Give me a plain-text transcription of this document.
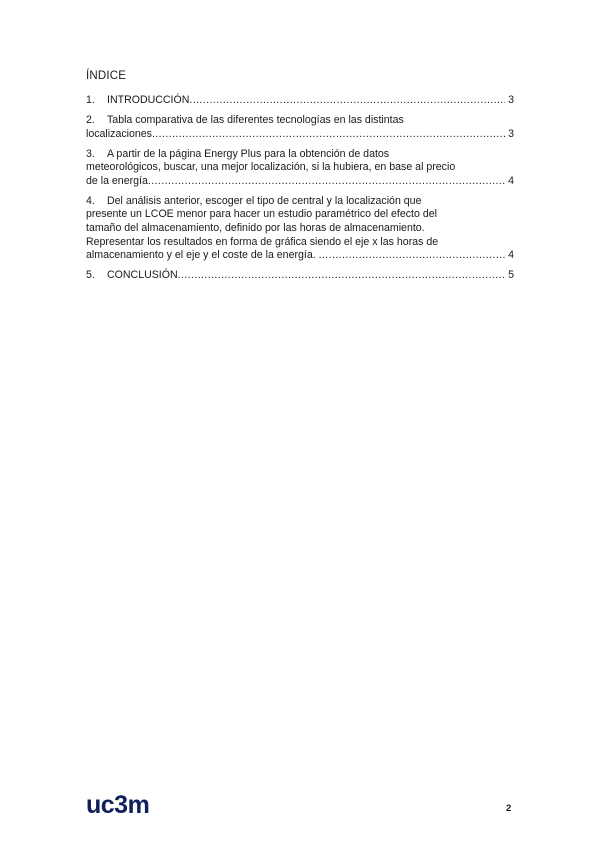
ÍNDICE
1. INTRODUCCIÓN .....	3
2. Tabla comparativa de las diferentes tecnologías en las distintas
localizaciones .....	3
3. A partir de la página Energy Plus para la obtención de datos
meteorológicos, buscar, una mejor localización, si la hubiera, en base al precio
de la energía .....	4
4. Del análisis anterior, escoger el tipo de central y la localización que
presente un LCOE menor para hacer un estudio paramétrico del efecto del
tamaño del almacenamiento, definido por las horas de almacenamiento.
Representar los resultados en forma de gráfica siendo el eje x las horas de
almacenamiento y el eje y el coste de la energía. .....	4
5. CONCLUSIÓN .....	5
uc3m	2
